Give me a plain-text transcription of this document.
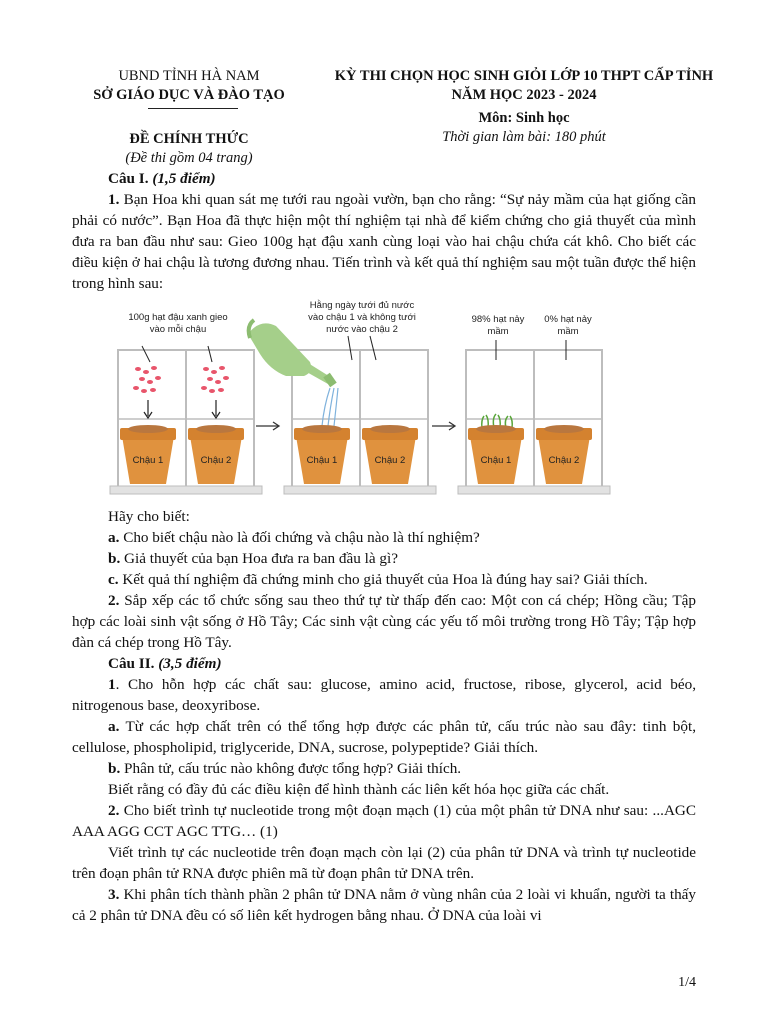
UBND TỈNH HÀ NAM
SỞ GIÁO DỤC VÀ ĐÀO TẠO
ĐỀ CHÍNH THỨC
(Đề thi gồm 04 trang)
KỲ THI CHỌN HỌC SINH GIỎI LỚP 10 THPT CẤP TỈNH
NĂM HỌC 2023 - 2024
Môn: Sinh học
Thời gian làm bài: 180 phút

Câu I. (1,5 điểm)

1. Bạn Hoa khi quan sát mẹ tưới rau ngoài vườn, bạn cho rằng: “Sự nảy mầm của hạt giống cần phải có nước”. Bạn Hoa đã thực hiện một thí nghiệm tại nhà để kiểm chứng cho giả thuyết của mình đưa ra ban đầu như sau: Gieo 100g hạt đậu xanh cùng loại vào hai chậu chứa cát khô. Cho biết các điều kiện ở hai chậu là tương đương nhau. Tiến trình và kết quả thí nghiệm sau một tuần được thể hiện trong hình sau:

Chậu 1	Chậu 2
100g hạt đậu xanh gieo
vào mỗi chậu
Chậu 1	Chậu 2
Hằng ngày tưới đủ nước
vào chậu 1 và không tưới
nước vào chậu 2
Chậu 1	Chậu 2
98% hạt nảy
mầm
0% hạt nảy
mầm

Hãy cho biết:

a. Cho biết chậu nào là đối chứng và chậu nào là thí nghiệm?

b. Giả thuyết của bạn Hoa đưa ra ban đầu là gì?

c. Kết quả thí nghiệm đã chứng minh cho giả thuyết của Hoa là đúng hay sai? Giải thích.

2. Sắp xếp các tổ chức sống sau theo thứ tự từ thấp đến cao: Một con cá chép; Hồng cầu; Tập hợp các loài sinh vật sống ở Hồ Tây; Các sinh vật cùng các yếu tố môi trường trong Hồ Tây; Tập hợp đàn cá chép trong Hồ Tây.

Câu II. (3,5 điểm)

1. Cho hỗn hợp các chất sau: glucose, amino acid, fructose, ribose, glycerol, acid béo, nitrogenous base, deoxyribose.

a. Từ các hợp chất trên có thể tổng hợp được các phân tử, cấu trúc nào sau đây: tinh bột, cellulose, phospholipid, triglyceride, DNA, sucrose, polypeptide? Giải thích.

b. Phân tử, cấu trúc nào không được tổng hợp? Giải thích.

Biết rằng có đầy đủ các điều kiện để hình thành các liên kết hóa học giữa các chất.

2. Cho biết trình tự nucleotide trong một đoạn mạch (1) của một phân tử DNA như sau: ...AGC AAA AGG CCT AGC TTG… (1)

Viết trình tự các nucleotide trên đoạn mạch còn lại (2) của phân tử DNA và trình tự nucleotide trên đoạn phân tử RNA được phiên mã từ đoạn phân tử DNA trên.

3. Khi phân tích thành phần 2 phân tử DNA nằm ở vùng nhân của 2 loài vi khuẩn, người ta thấy cả 2 phân tử DNA đều có số liên kết hydrogen bằng nhau. Ở DNA của loài vi

1/4
